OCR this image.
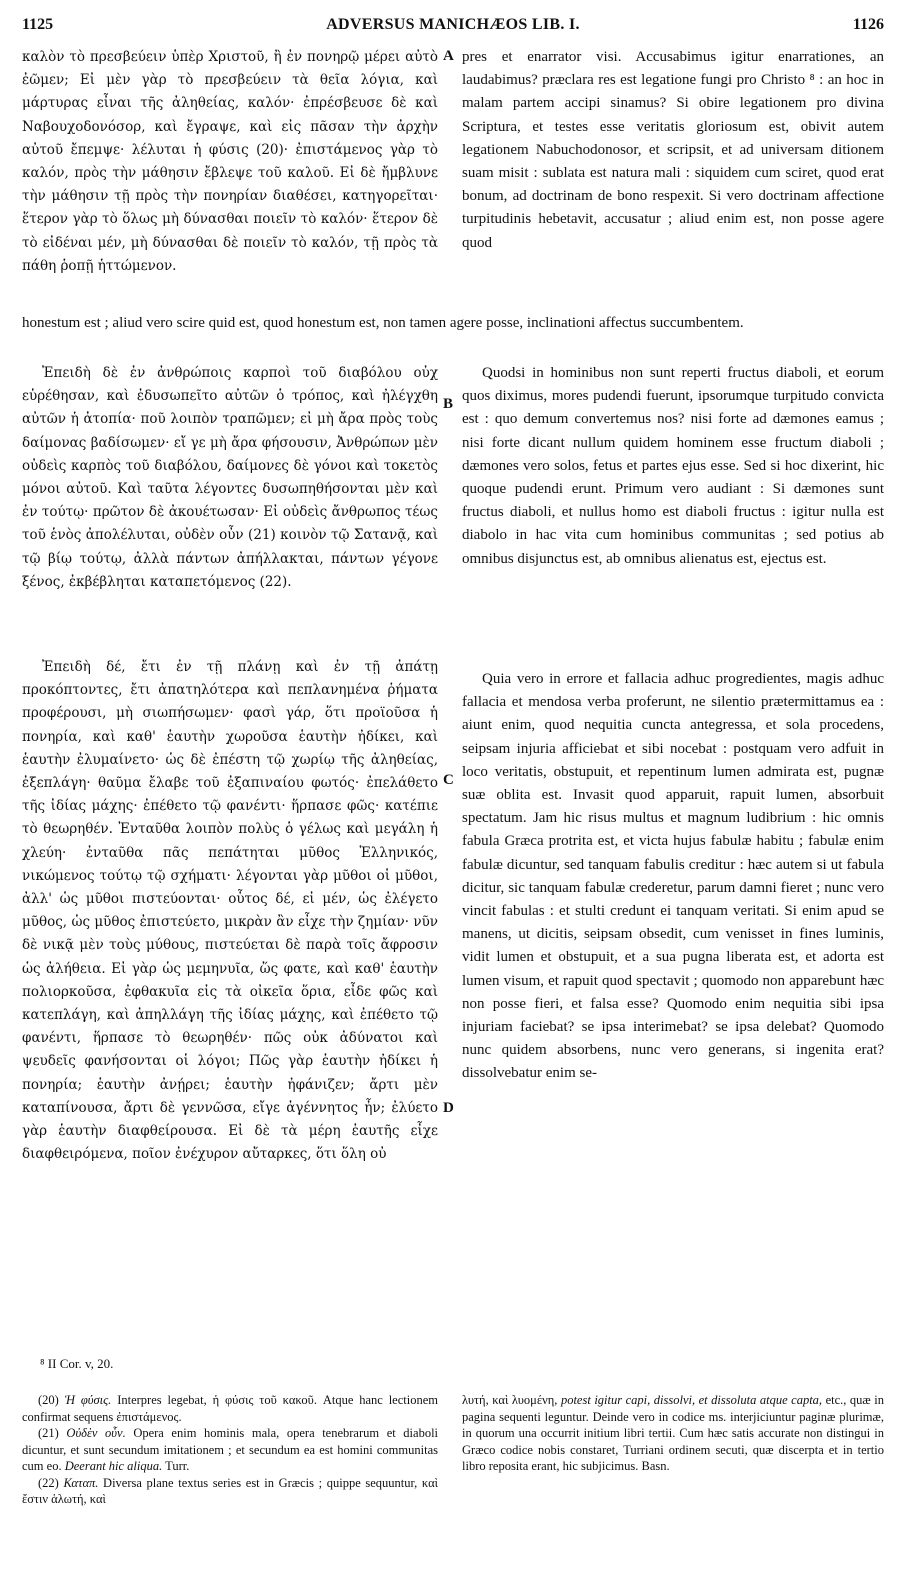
1125	ADVERSUS MANICHÆOS LIB. I.	1126

καλὸν τὸ πρεσβεύειν ὑπὲρ Χριστοῦ, ἢ ἐν πονηρῷ μέρει αὐτὸ ἐῶμεν; Εἰ μὲν γὰρ τὸ πρεσβεύειν τὰ θεῖα λόγια, καὶ μάρτυρας εἶναι τῆς ἀληθείας, καλόν· ἐπρέσβευσε δὲ καὶ Ναβουχοδονόσορ, καὶ ἔγραψε, καὶ εἰς πᾶσαν τὴν ἀρχὴν αὐτοῦ ἔπεμψε· λέλυται ἡ φύσις (20)· ἐπιστάμενος γὰρ τὸ καλόν, πρὸς τὴν μάθησιν ἔβλεψε τοῦ καλοῦ. Εἰ δὲ ἤμβλυνε τὴν μάθησιν τῇ πρὸς τὴν πονηρίαν διαθέσει, κατηγορεῖται· ἕτερον γὰρ τὸ ὅλως μὴ δύνασθαι ποιεῖν τὸ καλόν· ἕτερον δὲ τὸ εἰδέναι μέν, μὴ δύνασθαι δὲ ποιεῖν τὸ καλόν, τῇ πρὸς τὰ πάθη ῥοπῇ ἡττώμενον.

pres et enarrator visi. Accusabimus igitur enarrationes, an laudabimus? præclara res est legatione fungi pro Christo ⁸ : an hoc in malam partem accipi sinamus? Si obire legationem pro divina Scriptura, et testes esse veritatis gloriosum est, obivit autem legationem Nabuchodonosor, et scripsit, et ad universam ditionem suam misit : sublata est natura mali : siquidem cum sciret, quod erat bonum, ad doctrinam de bono respexit. Si vero doctrinam affectione turpitudinis hebetavit, accusatur ; aliud enim est, non posse agere quod

A
honestum est ; aliud vero scire quid est, quod honestum est, non tamen agere posse, inclinationi affectus succumbentem.

Ἐπειδὴ δὲ ἐν ἀνθρώποις καρποὶ τοῦ διαβόλου οὐχ εὑρέθησαν, καὶ ἐδυσωπεῖτο αὐτῶν ὁ τρόπος, καὶ ἠλέγχθη αὐτῶν ἡ ἀτοπία· ποῦ λοιπὸν τραπῶμεν; εἰ μὴ ἄρα πρὸς τοὺς δαίμονας βαδίσωμεν· εἴ γε μὴ ἄρα φήσουσιν, Ἀνθρώπων μὲν οὐδεὶς καρπὸς τοῦ διαβόλου, δαίμονες δὲ γόνοι καὶ τοκετὸς μόνοι αὐτοῦ. Καὶ ταῦτα λέγοντες δυσωπηθήσονται μὲν καὶ ἐν τούτῳ· πρῶτον δὲ ἀκουέτωσαν· Εἰ οὐδεὶς ἄνθρωπος τέως τοῦ ἑνὸς ἀπολέλυται, οὐδὲν οὖν (21) κοινὸν τῷ Σατανᾷ, καὶ τῷ βίῳ τούτῳ, ἀλλὰ πάντων ἀπήλλακται, πάντων γέγονε ξένος, ἐκβέβληται καταπετόμενος (22).

Quodsi in hominibus non sunt reperti fructus diaboli, et eorum quos diximus, mores pudendi fuerunt, ipsorumque turpitudo convicta est : quo demum convertemus nos? nisi forte ad dæmones eamus ; nisi forte dicant nullum quidem hominem esse fructum diaboli ; dæmones vero solos, fetus et partes ejus esse. Sed si hoc dixerint, hic quoque pudendi erunt. Primum vero audiant : Si dæmones sunt fructus diaboli, et nullus homo est diaboli fructus : igitur nulla est diabolo in hac vita cum hominibus communitas ; sed potius ab omnibus disjunctus est, ab omnibus alienatus est, ejectus est.

B

Ἐπειδὴ δέ, ἔτι ἐν τῇ πλάνῃ καὶ ἐν τῇ ἀπάτῃ προκόπτοντες, ἔτι ἀπατηλότερα καὶ πεπλανημένα ῥήματα προφέρουσι, μὴ σιωπήσωμεν· φασὶ γάρ, ὅτι προϊοῦσα ἡ πονηρία, καὶ καθ' ἑαυτὴν χωροῦσα ἑαυτὴν ἠδίκει, καὶ ἑαυτὴν ἐλυμαίνετο· ὡς δὲ ἐπέστη τῷ χωρίῳ τῆς ἀληθείας, ἐξεπλάγη· θαῦμα ἔλαβε τοῦ ἐξαπιναίου φωτός· ἐπελάθετο τῆς ἰδίας μάχης· ἐπέθετο τῷ φανέντι· ἥρπασε φῶς· κατέπιε τὸ θεωρηθέν. Ἐνταῦθα λοιπὸν πολὺς ὁ γέλως καὶ μεγάλη ἡ χλεύη· ἐνταῦθα πᾶς πεπάτηται μῦθος Ἑλληνικός, νικώμενος τούτῳ τῷ σχήματι· λέγονται γὰρ μῦθοι οἱ μῦθοι, ἀλλ' ὡς μῦθοι πιστεύονται· οὗτος δέ, εἰ μέν, ὡς ἐλέγετο μῦθος, ὡς μῦθος ἐπιστεύετο, μικρὰν ἂν εἶχε τὴν ζημίαν· νῦν δὲ νικᾷ μὲν τοὺς μύθους, πιστεύεται δὲ παρὰ τοῖς ἄφροσιν ὡς ἀλήθεια. Εἰ γὰρ ὡς μεμηνυῖα, ὥς φατε, καὶ καθ' ἑαυτὴν πολιορκοῦσα, ἐφθακυῖα εἰς τὰ οἰκεῖα ὅρια, εἶδε φῶς καὶ κατεπλάγη, καὶ ἀπηλλάγη τῆς ἰδίας μάχης, καὶ ἐπέθετο τῷ φανέντι, ἥρπασε τὸ θεωρηθέν· πῶς οὐκ ἀδύνατοι καὶ ψευδεῖς φανήσονται οἱ λόγοι; Πῶς γὰρ ἑαυτὴν ἠδίκει ἡ πονηρία; ἑαυτὴν ἀνῄρει; ἑαυτὴν ἠφάνιζεν; ἄρτι μὲν καταπίνουσα, ἄρτι δὲ γεννῶσα, εἴγε ἀγέννητος ἦν; ἐλύετο γὰρ ἑαυτὴν διαφθείρουσα. Εἰ δὲ τὰ μέρη ἑαυτῆς εἶχε διαφθειρόμενα, ποῖον ἐνέχυρον αὔταρκες, ὅτι ὅλη οὐ

Quia vero in errore et fallacia adhuc progredientes, magis adhuc fallacia et mendosa verba proferunt, ne silentio prætermittamus ea : aiunt enim, quod nequitia cuncta antegressa, et sola procedens, seipsam injuria afficiebat et sibi nocebat : postquam vero adfuit in loco veritatis, obstupuit, et repentinum lumen admirata est, pugnæ suæ oblita est. Invasit quod apparuit, rapuit lumen, absorbuit spectatum. Jam hic risus multus et magnum ludibrium : hic omnis fabula Græca protrita est, et victa hujus fabulæ habitu ; fabulæ enim fabulæ dicuntur, sed tanquam fabulis creditur : hæc autem si ut fabula dicitur, sic tanquam fabulæ crederetur, parum damni fieret ; nunc vero vincit fabulas : et stulti credunt ei tanquam veritati. Si enim apud se manens, ut dicitis, seipsam obsedit, cum venisset in fines luminis, vidit lumen et obstupuit, et a sua pugna liberata est, et adorta est lumen visum, et rapuit quod spectavit ; quomodo non apparebunt hæc non posse fieri, et falsa esse? Quomodo enim nequitia sibi ipsa injuriam faciebat? se ipsa interimebat? se ipsa delebat? Quomodo nunc quidem absorbens, nunc vero generans, si ingenita erat? dissolvebatur enim se-

C
D
⁸ II Cor. v, 20.

(20) Ἡ φύσις. Interpres legebat, ἡ φύσις τοῦ κακοῦ. Atque hanc lectionem confirmat sequens ἐπιστάμενος.

(21) Οὐδὲν οὖν. Opera enim hominis mala, opera tenebrarum et diaboli dicuntur, et sunt secundum imitationem ; et secundum ea est homini communitas cum eo. Deerant hic aliqua. Turr.

(22) Καταπ. Diversa plane textus series est in Græcis ; quippe sequuntur, καὶ ἔστιν ἁλωτή, καὶ

λυτή, καὶ λυομένη, potest igitur capi, dissolvi, et dissoluta atque capta, etc., quæ in pagina sequenti leguntur. Deinde vero in codice ms. interjiciuntur paginæ plurimæ, in quorum una occurrit initium libri tertii. Cum hæc satis accurate non distingui in Græco codice nobis constaret, Turriani ordinem secuti, quæ discerpta et in tertio libro reposita erant, hic subjicimus. Basn.
